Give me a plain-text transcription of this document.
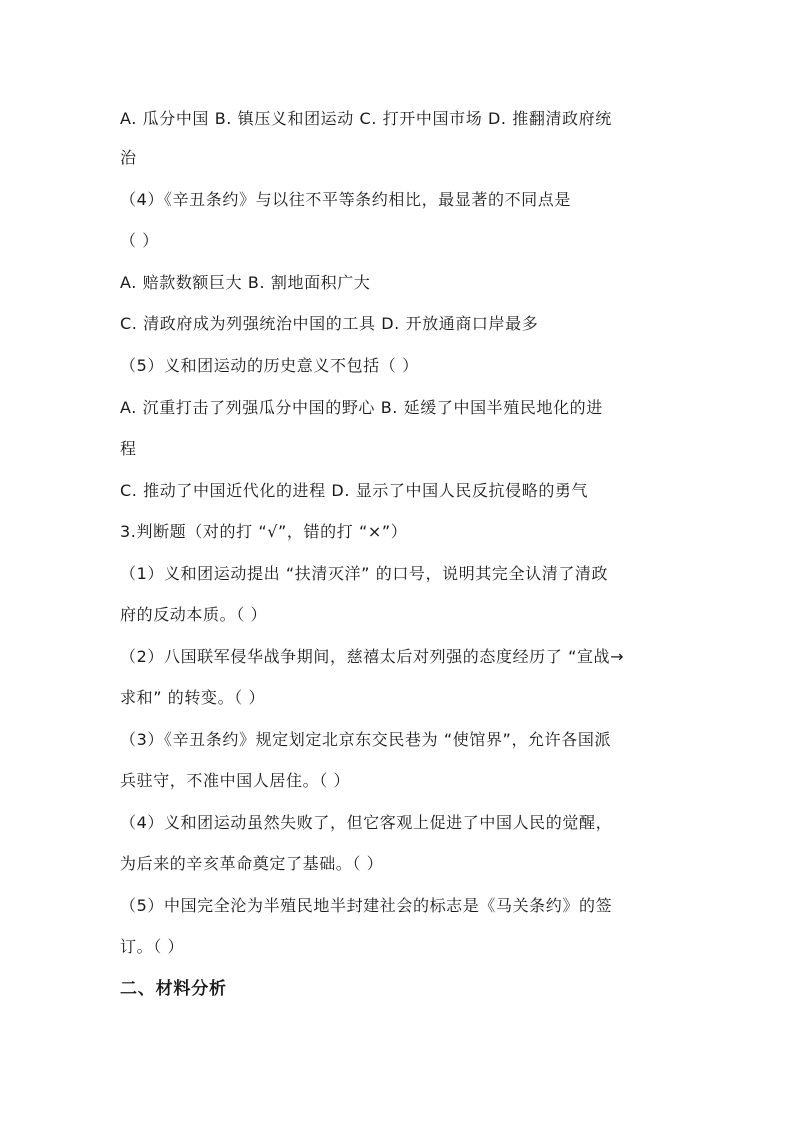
A. 瓜分中国 B. 镇压义和团运动 C. 打开中国市场 D. 推翻清政府统
治
（4）《辛丑条约》与以往不平等条约相比，最显著的不同点是
（ ）
A. 赔款数额巨大 B. 割地面积广大
C. 清政府成为列强统治中国的工具 D. 开放通商口岸最多
（5）义和团运动的历史意义不包括（ ）
A. 沉重打击了列强瓜分中国的野心 B. 延缓了中国半殖民地化的进
程
C. 推动了中国近代化的进程 D. 显示了中国人民反抗侵略的勇气
3.判断题（对的打 “√”，错的打 “×”）
（1）义和团运动提出 “扶清灭洋” 的口号，说明其完全认清了清政
府的反动本质。（ ）
（2）八国联军侵华战争期间，慈禧太后对列强的态度经历了 “宣战→
求和” 的转变。（ ）
（3）《辛丑条约》规定划定北京东交民巷为 “使馆界”，允许各国派
兵驻守，不准中国人居住。（ ）
（4）义和团运动虽然失败了，但它客观上促进了中国人民的觉醒，
为后来的辛亥革命奠定了基础。（ ）
（5）中国完全沦为半殖民地半封建社会的标志是《马关条约》的签
订。（ ）
二、材料分析
